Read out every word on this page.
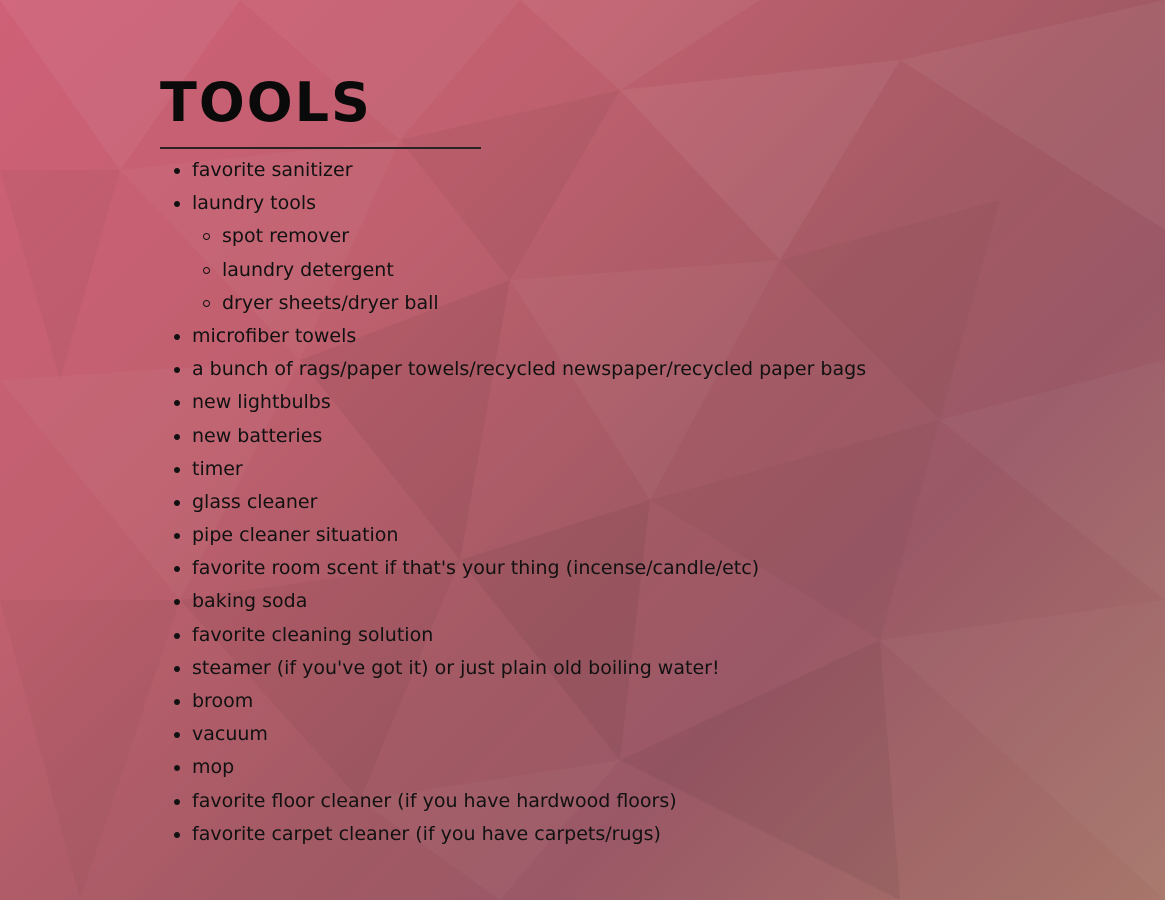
TOOLS
favorite sanitizer
laundry tools
spot remover
laundry detergent
dryer sheets/dryer ball
microfiber towels
a bunch of rags/paper towels/recycled newspaper/recycled paper bags
new lightbulbs
new batteries
timer
glass cleaner
pipe cleaner situation
favorite room scent if that's your thing (incense/candle/etc)
baking soda
favorite cleaning solution
steamer (if you've got it) or just plain old boiling water!
broom
vacuum
mop
favorite floor cleaner (if you have hardwood floors)
favorite carpet cleaner (if you have carpets/rugs)
